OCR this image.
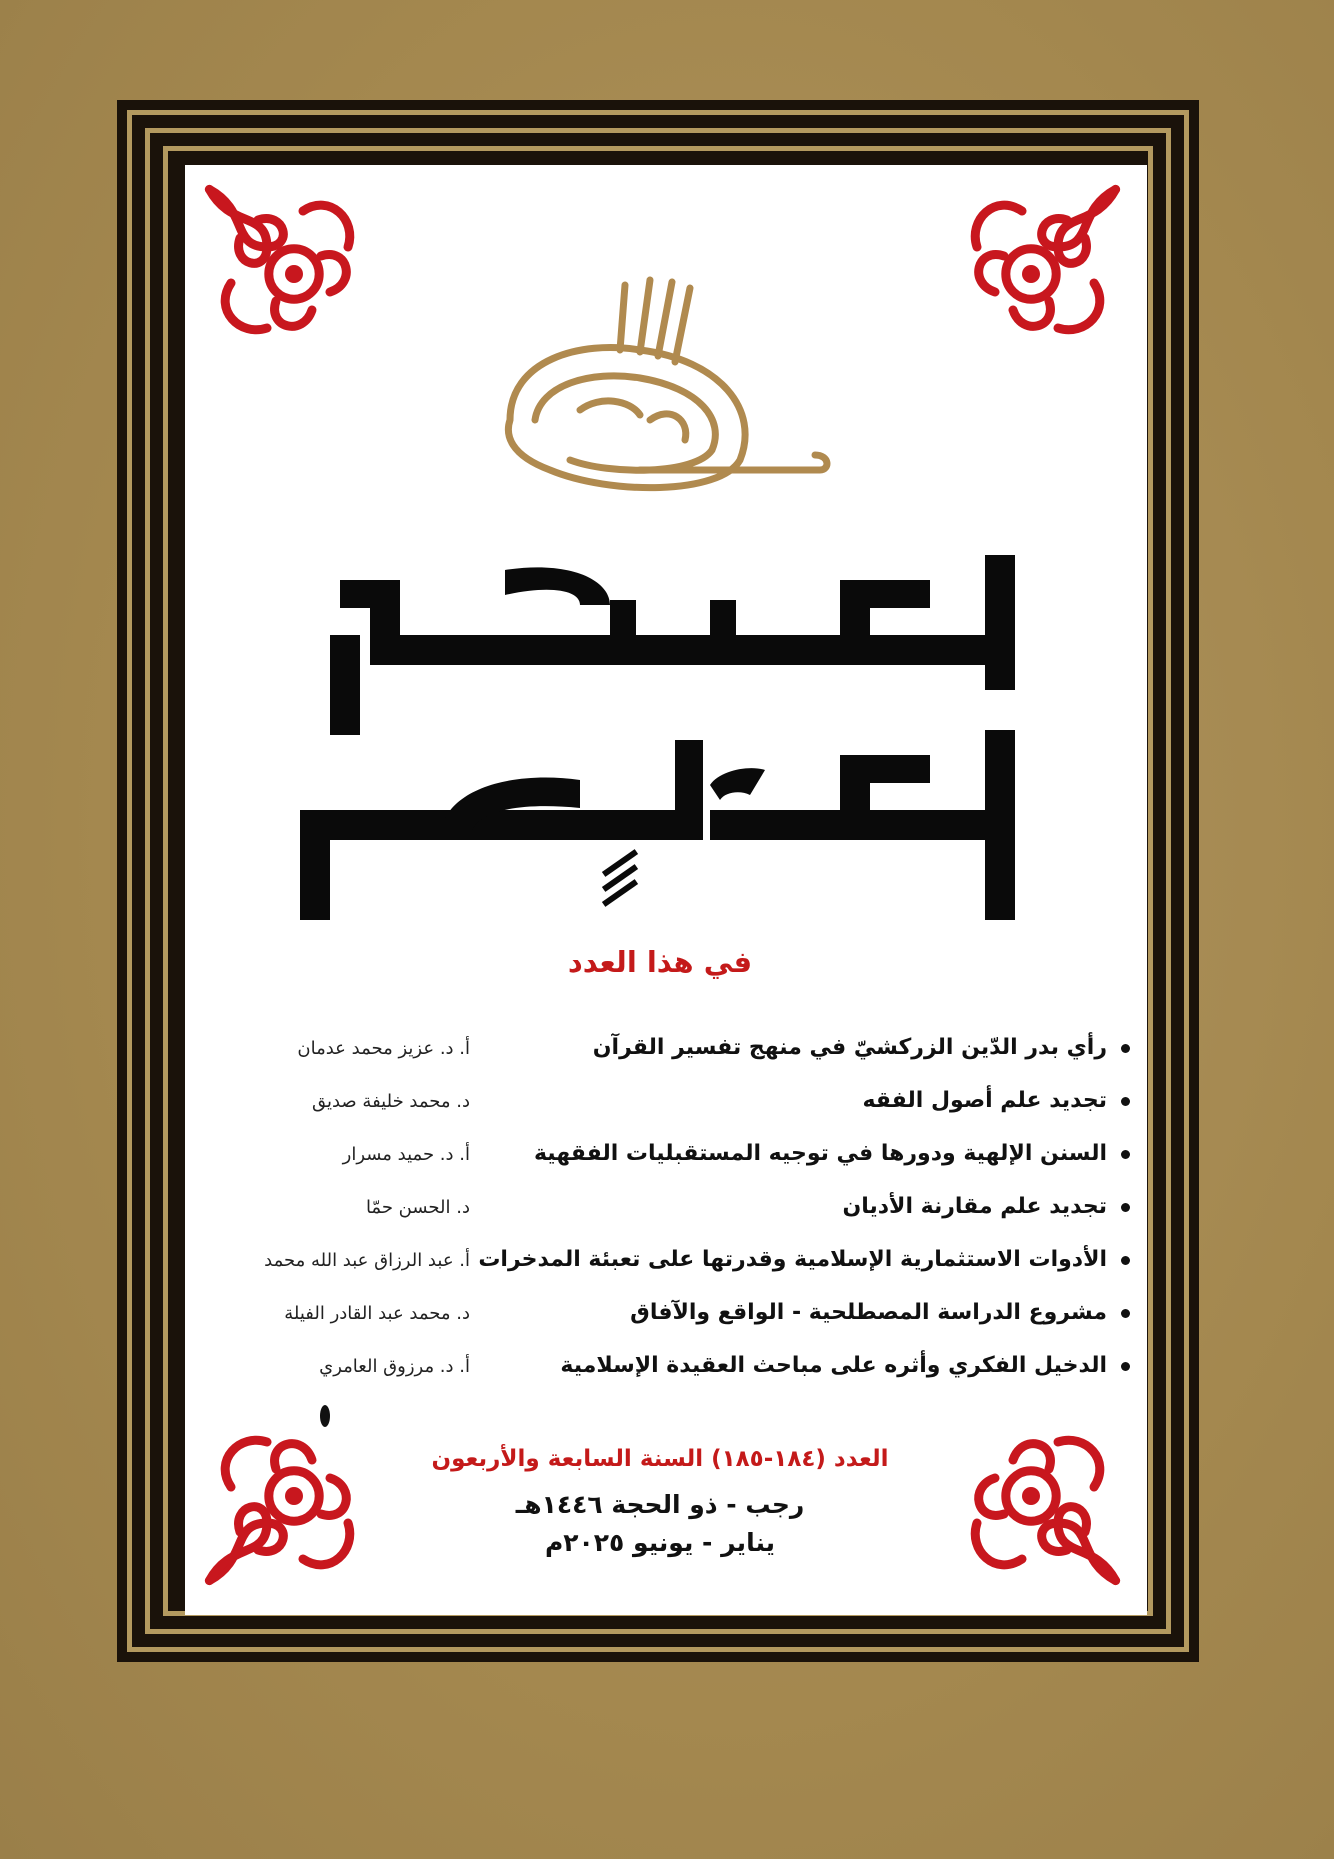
في هذا العدد
رأي بدر الدّين الزركشيّ في منهج تفسير القرآن
أ. د. عزيز محمد عدمان
تجديد علم أصول الفقه
د. محمد خليفة صديق
السنن الإلهية ودورها في توجيه المستقبليات الفقهية
أ. د. حميد مسرار
تجديد علم مقارنة الأديان
د. الحسن حمّا
الأدوات الاستثمارية الإسلامية وقدرتها على تعبئة المدخرات
أ. عبد الرزاق عبد الله محمد
مشروع الدراسة المصطلحية - الواقع والآفاق
د. محمد عبد القادر الفيلة
الدخيل الفكري وأثره على مباحث العقيدة الإسلامية
أ. د. مرزوق العامري
العدد (١٨٤-١٨٥) السنة السابعة والأربعون
رجب - ذو الحجة ١٤٤٦هـ
يناير - يونيو ٢٠٢٥م
